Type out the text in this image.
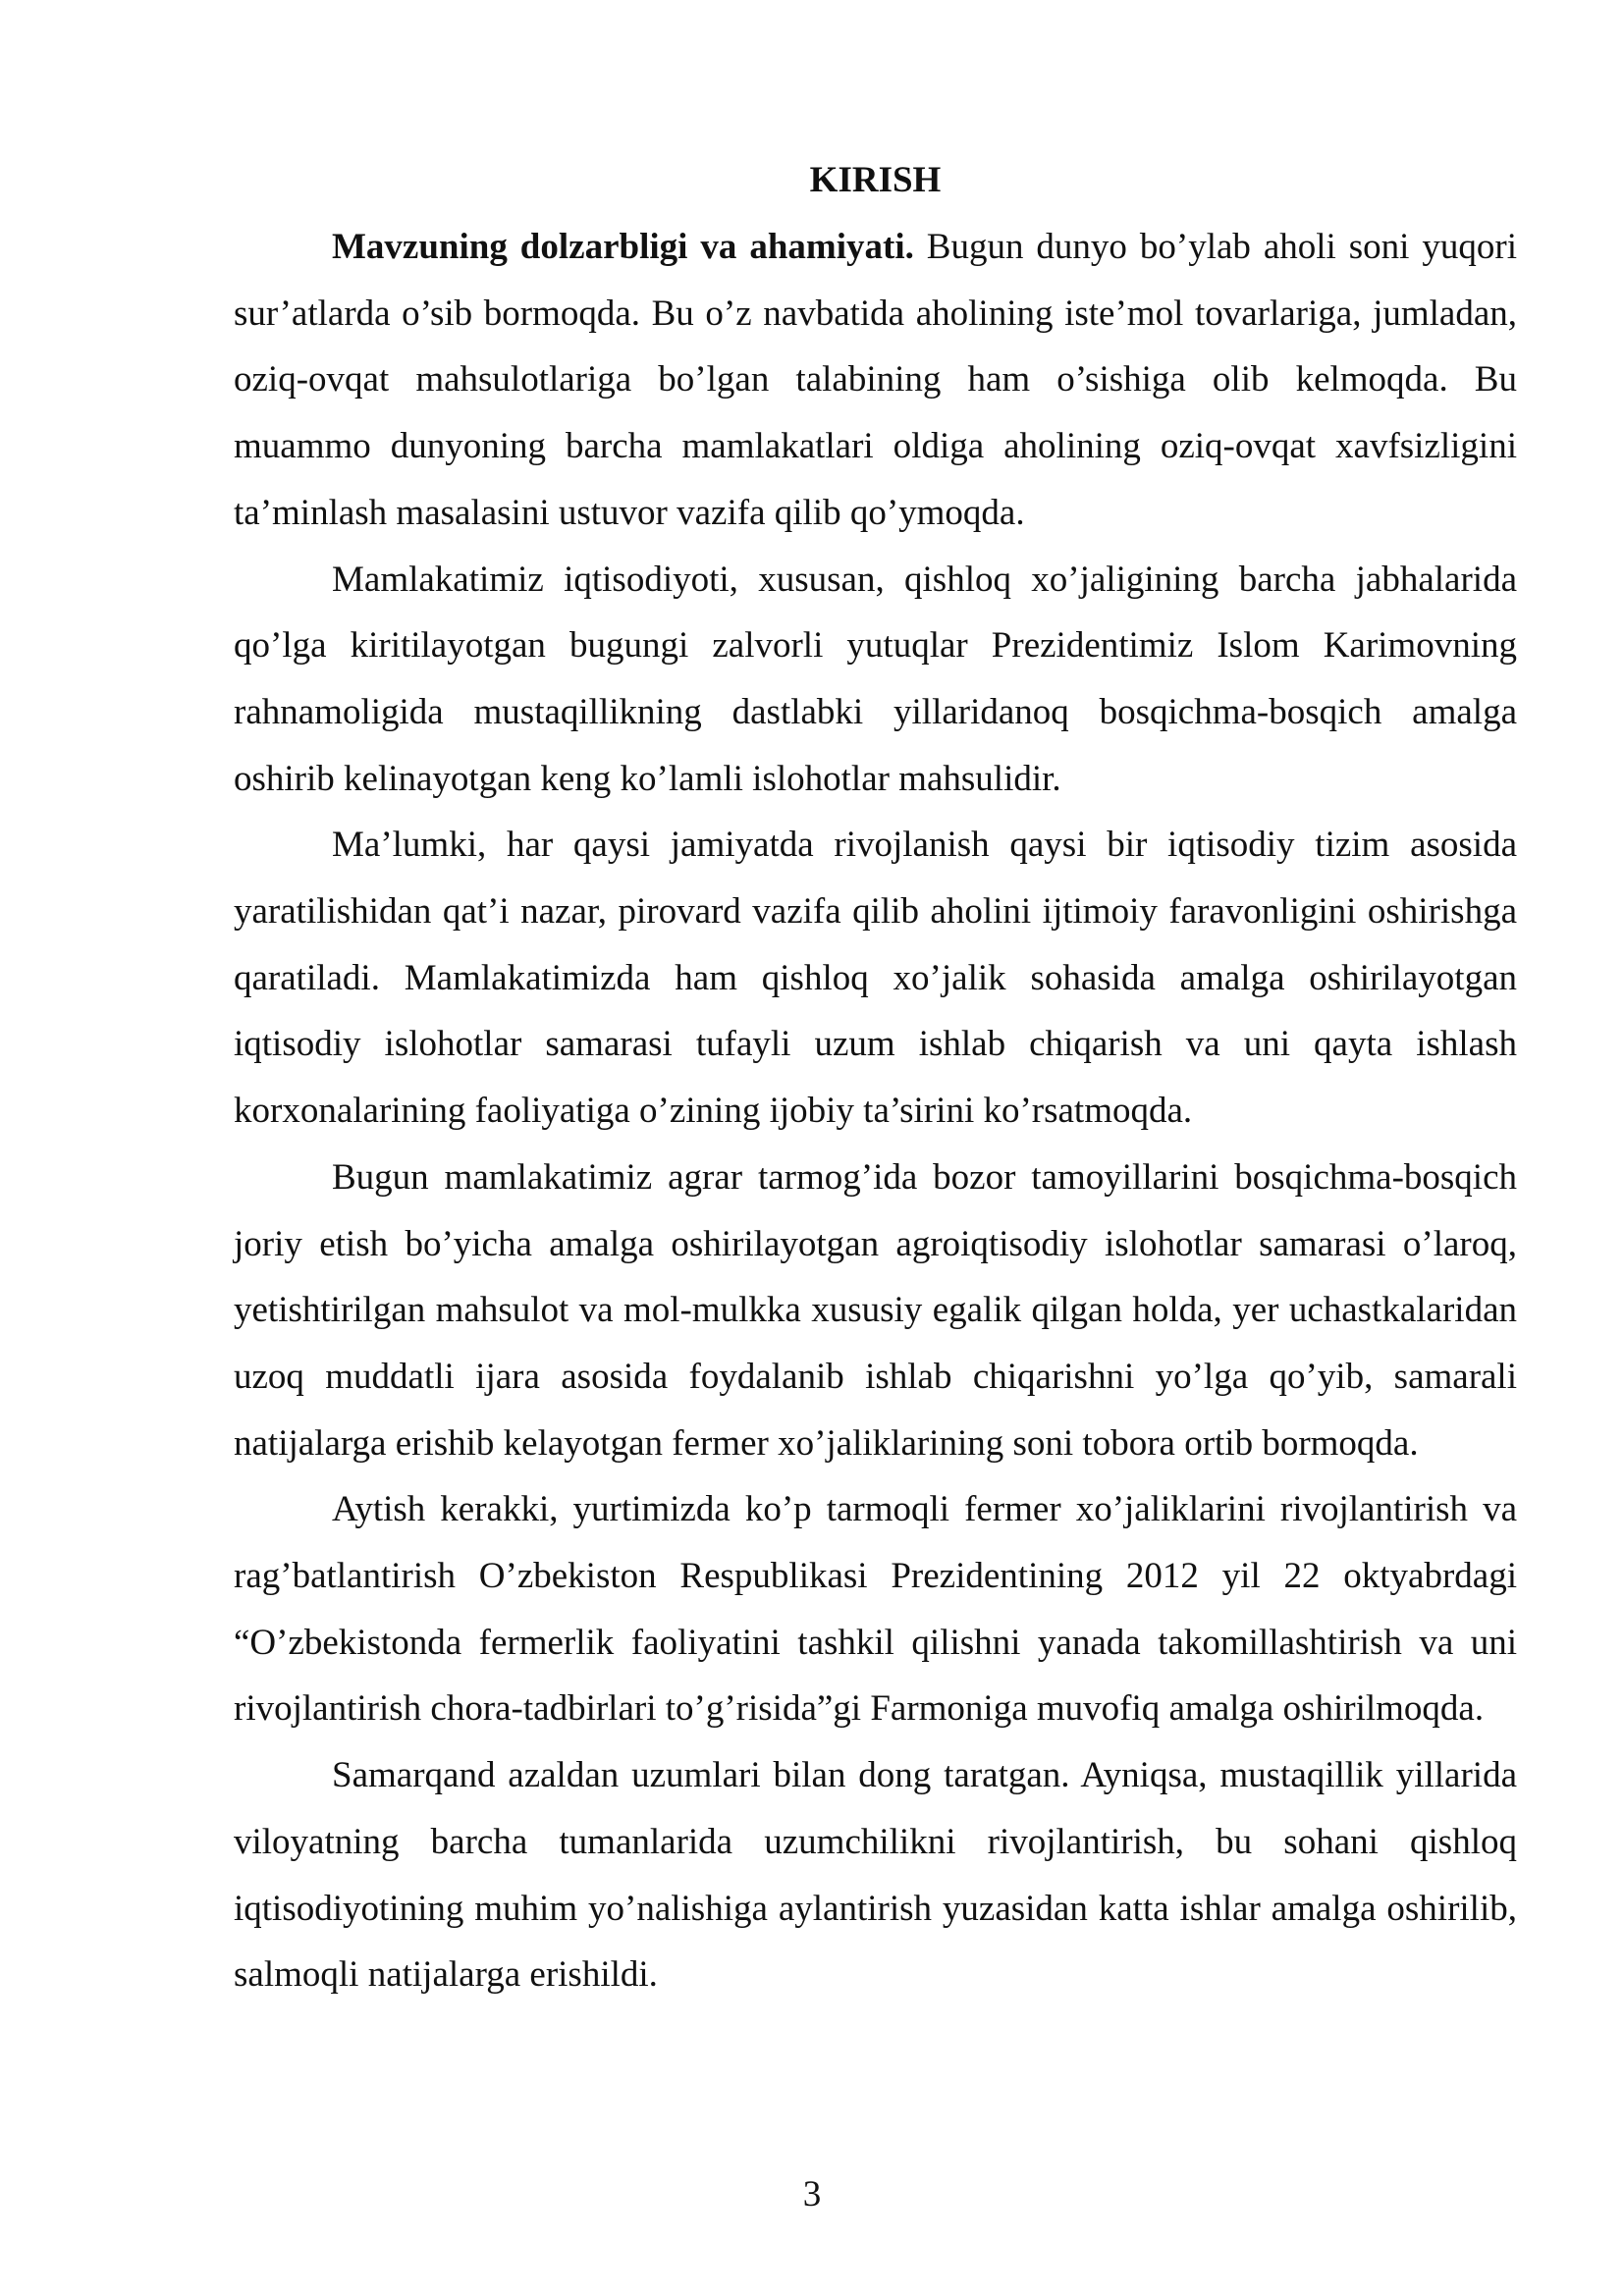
KIRISH

Mavzuning dolzarbligi va ahamiyati. Bugun dunyo bo’ylab aholi soni yuqori sur’atlarda o’sib bormoqda. Bu o’z navbatida aholining iste’mol tovarlariga, jumladan, oziq-ovqat mahsulotlariga bo’lgan talabining ham o’sishiga olib kelmoqda. Bu muammo dunyoning barcha mamlakatlari oldiga aholining oziq-ovqat xavfsizligini ta’minlash masalasini ustuvor vazifa qilib qo’ymoqda.

Mamlakatimiz iqtisodiyoti, xususan, qishloq xo’jaligining barcha jabhalarida qo’lga kiritilayotgan bugungi zalvorli yutuqlar Prezidentimiz Islom Karimovning rahnamoligida mustaqillikning dastlabki yillaridanoq bosqichma-bosqich amalga oshirib kelinayotgan keng ko’lamli islohotlar mahsulidir.

Ma’lumki, har qaysi jamiyatda rivojlanish qaysi bir iqtisodiy tizim asosida yaratilishidan qat’i nazar, pirovard vazifa qilib aholini ijtimoiy faravonligini oshirishga qaratiladi. Mamlakatimizda ham qishloq xo’jalik sohasida amalga oshirilayotgan iqtisodiy islohotlar samarasi tufayli uzum ishlab chiqarish va uni qayta ishlash korxonalarining faoliyatiga o’zining ijobiy ta’sirini ko’rsatmoqda.

Bugun mamlakatimiz agrar tarmog’ida bozor tamoyillarini bosqichma-bosqich joriy etish bo’yicha amalga oshirilayotgan agroiqtisodiy islohotlar samarasi o’laroq, yetishtirilgan mahsulot va mol-mulkka xususiy egalik qilgan holda, yer uchastkalaridan uzoq muddatli ijara asosida foydalanib ishlab chiqarishni yo’lga qo’yib, samarali natijalarga erishib kelayotgan fermer xo’jaliklarining soni tobora ortib bormoqda.

Aytish kerakki, yurtimizda ko’p tarmoqli fermer xo’jaliklarini rivojlantirish va rag’batlantirish O’zbekiston Respublikasi Prezidentining 2012 yil 22 oktyabrdagi “O’zbekistonda fermerlik faoliyatini tashkil qilishni yanada takomillashtirish va uni rivojlantirish chora-tadbirlari to’g’risida”gi Farmoniga muvofiq amalga oshirilmoqda.

Samarqand azaldan uzumlari bilan dong taratgan. Ayniqsa, mustaqillik yillarida viloyatning barcha tumanlarida uzumchilikni rivojlantirish, bu sohani qishloq iqtisodiyotining muhim yo’nalishiga aylantirish yuzasidan katta ishlar amalga oshirilib, salmoqli natijalarga erishildi.

3
